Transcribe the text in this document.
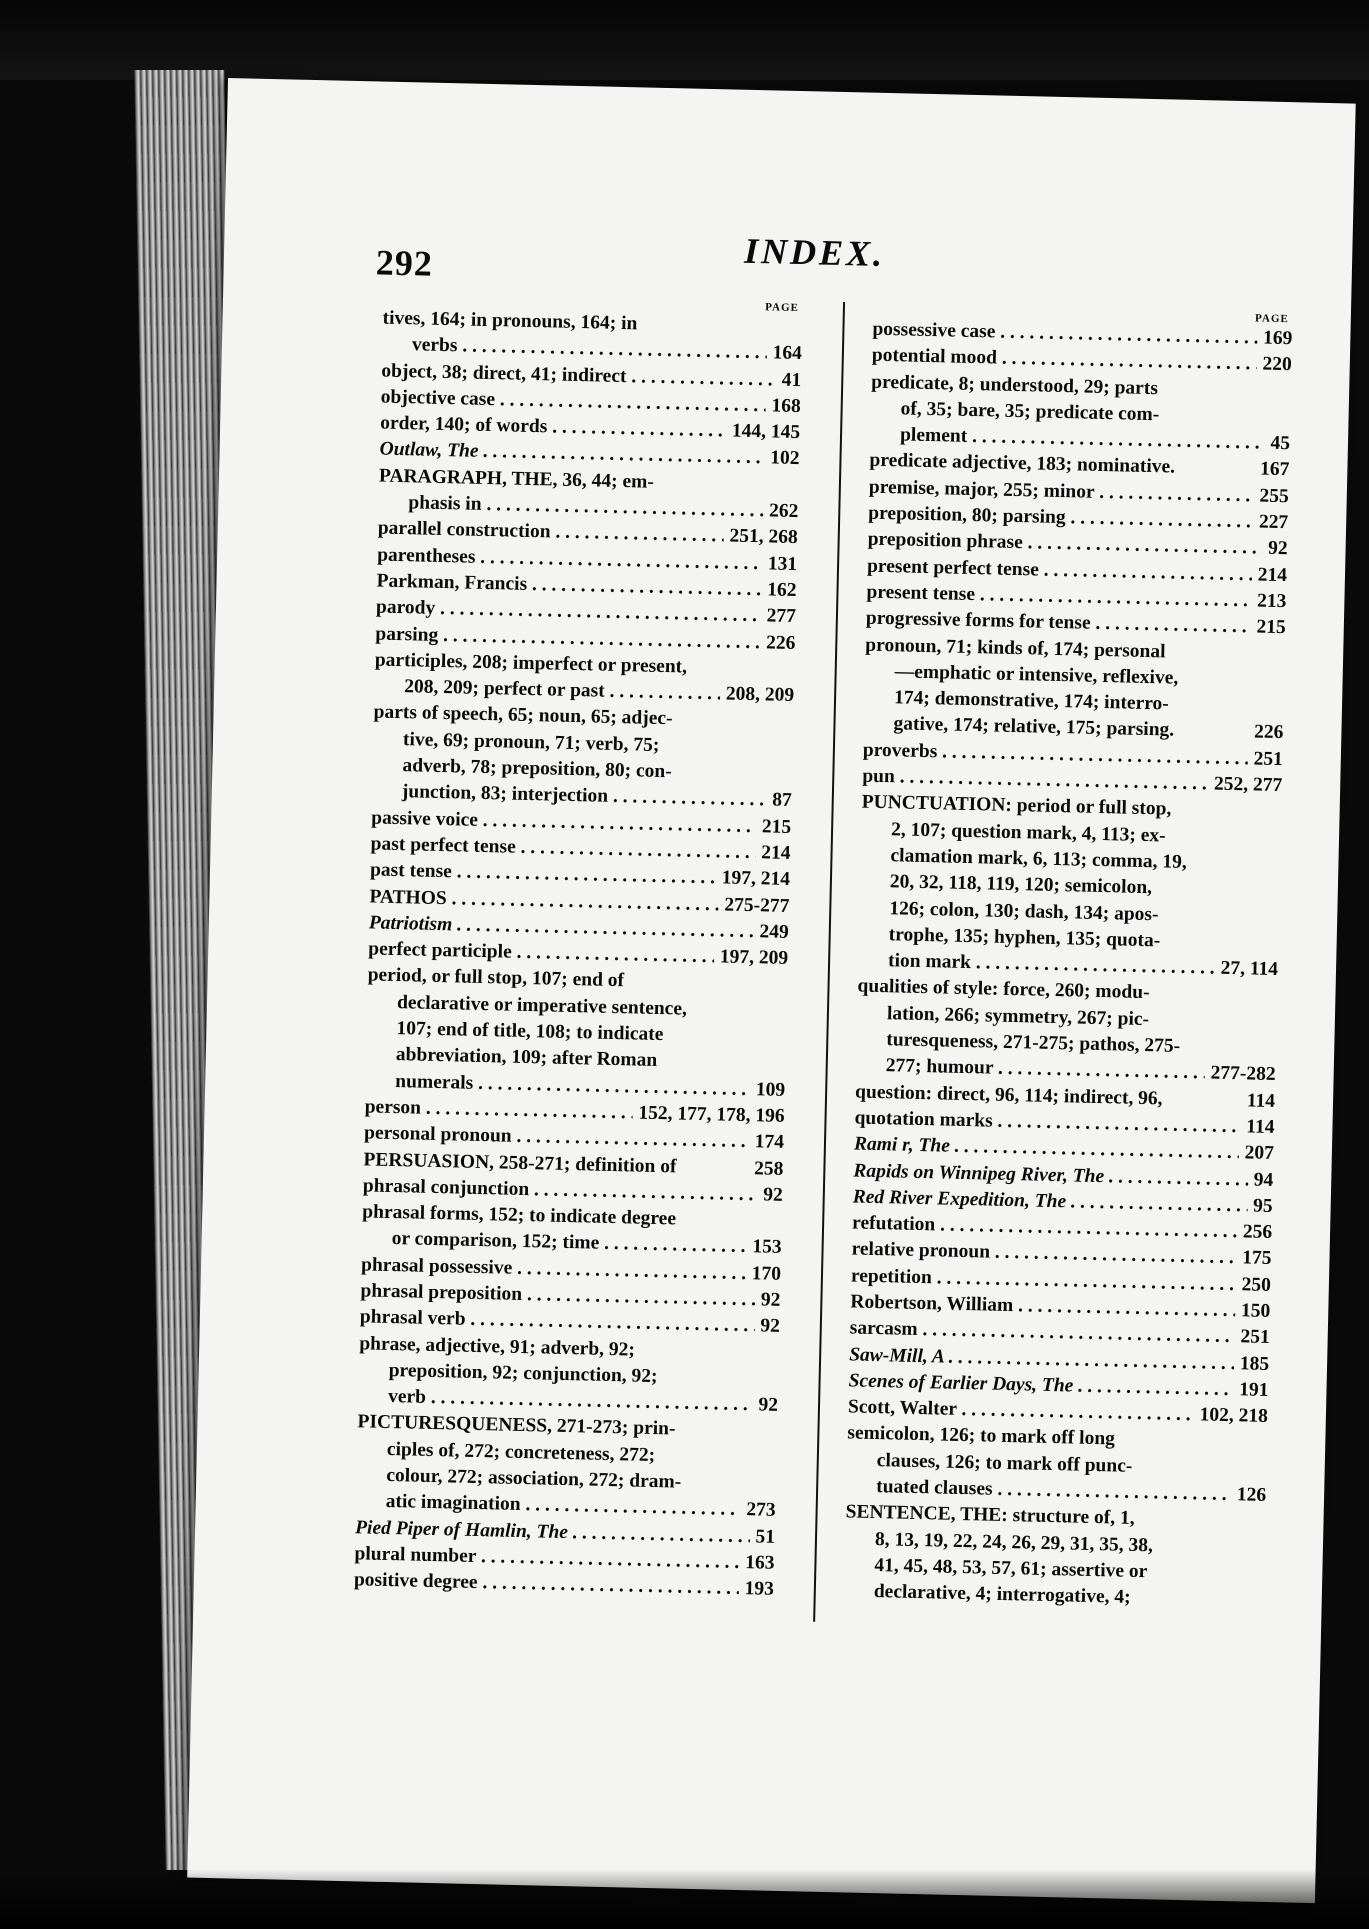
292	INDEX.
PAGE
tives, 164; in pronouns, 164; in
verbs . . .	164
object, 38; direct, 41; indirect . . .	41
objective case . . .	168
order, 140; of words . . .	144, 145
Outlaw, The . . .	102
PARAGRAPH, THE, 36, 44; em-
phasis in . . .	262
parallel construction . . .	251, 268
parentheses . . .	131
Parkman, Francis . . .	162
parody . . .	277
parsing . . .	226
participles, 208; imperfect or present,
208, 209; perfect or past . . .	208, 209
parts of speech, 65; noun, 65; adjec-
tive, 69; pronoun, 71; verb, 75;
adverb, 78; preposition, 80; con-
junction, 83; interjection . . .	87
passive voice . . .	215
past perfect tense . . .	214
past tense . . .	197, 214
PATHOS . . .	275-277
Patriotism . . .	249
perfect participle . . .	197, 209
period, or full stop, 107; end of
declarative or imperative sentence,
107; end of title, 108; to indicate
abbreviation, 109; after Roman
numerals . . .	109
person . . .	152, 177, 178, 196
personal pronoun . . .	174
PERSUASION, 258-271; definition of	258
phrasal conjunction . . .	92
phrasal forms, 152; to indicate degree
or comparison, 152; time . . .	153
phrasal possessive . . .	170
phrasal preposition . . .	92
phrasal verb . . .	92
phrase, adjective, 91; adverb, 92;
preposition, 92; conjunction, 92;
verb . . .	92
PICTURESQUENESS, 271-273; prin-
ciples of, 272; concreteness, 272;
colour, 272; association, 272; dram-
atic imagination . . .	273
Pied Piper of Hamlin, The . . .	51
plural number . . .	163
positive degree . . .	193
PAGE
possessive case . . .	169
potential mood . . .	220
predicate, 8; understood, 29; parts
of, 35; bare, 35; predicate com-
plement . . .	45
predicate adjective, 183; nominative.	167
premise, major, 255; minor . . .	255
preposition, 80; parsing . . .	227
preposition phrase . . .	92
present perfect tense . . .	214
present tense . . .	213
progressive forms for tense . . .	215
pronoun, 71; kinds of, 174; personal
—emphatic or intensive, reflexive,
174; demonstrative, 174; interro-
gative, 174; relative, 175; parsing.	226
proverbs . . .	251
pun . . .	252, 277
PUNCTUATION: period or full stop,
2, 107; question mark, 4, 113; ex-
clamation mark, 6, 113; comma, 19,
20, 32, 118, 119, 120; semicolon,
126; colon, 130; dash, 134; apos-
trophe, 135; hyphen, 135; quota-
tion mark . . .	27, 114
qualities of style: force, 260; modu-
lation, 266; symmetry, 267; pic-
turesqueness, 271-275; pathos, 275-
277; humour . . .	277-282
question: direct, 96, 114; indirect, 96,	114
quotation marks . . .	114
Rami r, The . . .	207
Rapids on Winnipeg River, The . . .	94
Red River Expedition, The . . .	95
refutation . . .	256
relative pronoun . . .	175
repetition . . .	250
Robertson, William . . .	150
sarcasm . . .	251
Saw-Mill, A . . .	185
Scenes of Earlier Days, The . . .	191
Scott, Walter . . .	102, 218
semicolon, 126; to mark off long
clauses, 126; to mark off punc-
tuated clauses . . .	126
SENTENCE, THE: structure of, 1,
8, 13, 19, 22, 24, 26, 29, 31, 35, 38,
41, 45, 48, 53, 57, 61; assertive or
declarative, 4; interrogative, 4;
